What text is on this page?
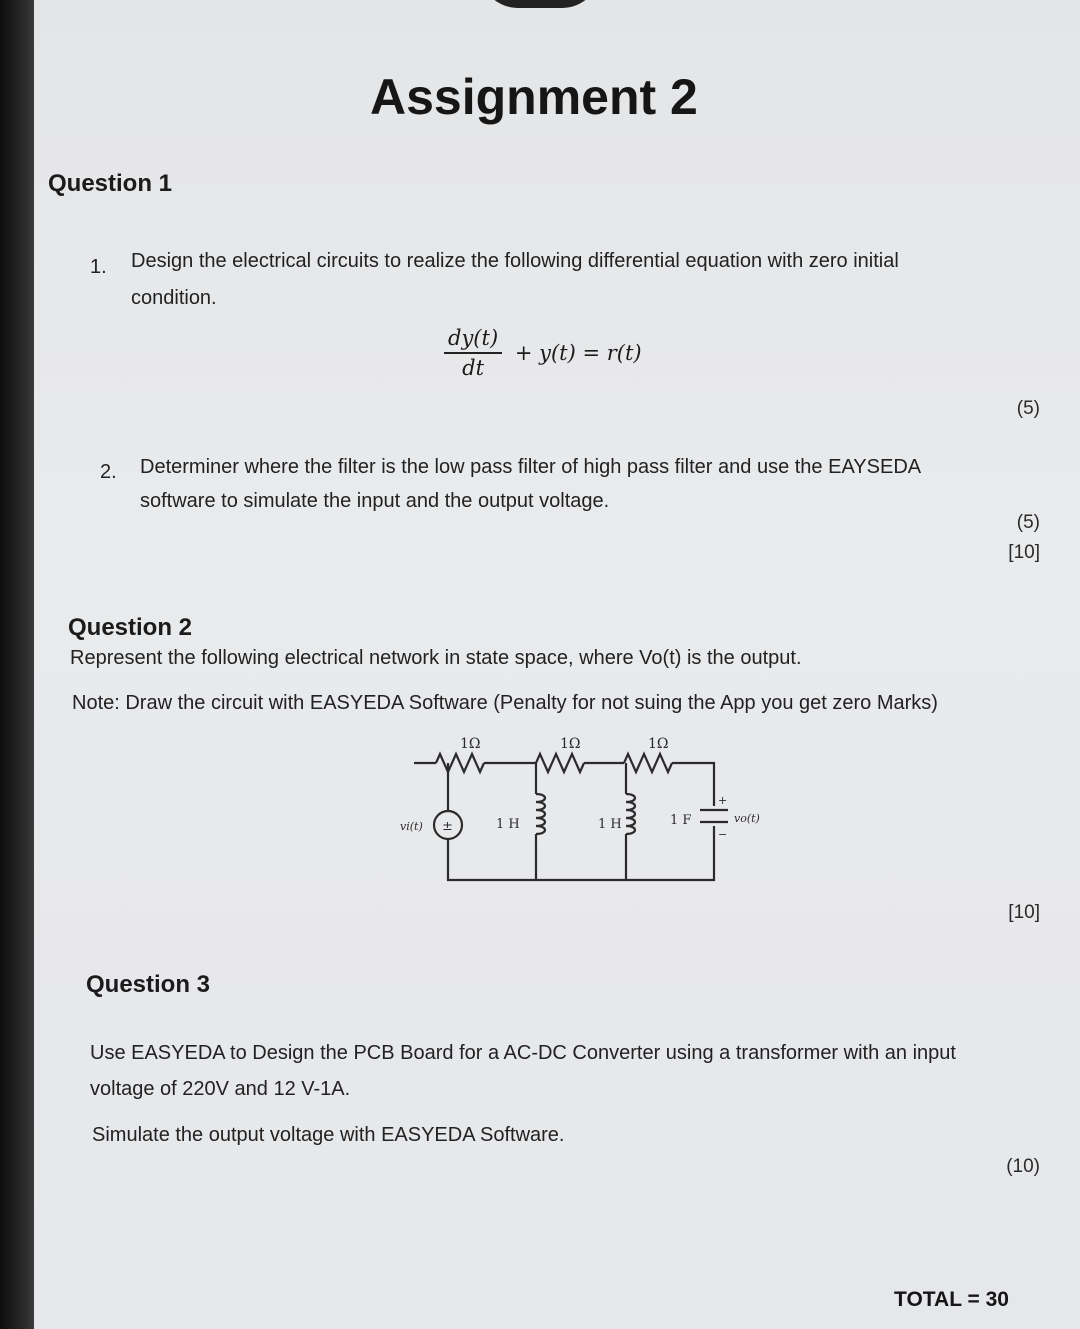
Assignment 2
Question 1
1. Design the electrical circuits to realize the following differential equation with zero initial
condition.
$\frac{dy(t)}{dt} + y(t) = r(t)$
(5)
2. Determiner where the filter is the low pass filter of high pass filter and use the EAYSEDA
software to simulate the input and the output voltage.
(5)
[10]
Question 2
Represent the following electrical network in state space, where Vo(t) is the output.
Note: Draw the circuit with EASYEDA Software (Penalty for not suing the App you get zero Marks)
1Ω	1Ω	1Ω
1 H	1 H	1 F
vi(t)
vo(t)
+
−
±
[10]
Question 3
Use EASYEDA to Design the PCB Board for a AC-DC Converter using a transformer with an input
voltage of 220V and 12 V-1A.
Simulate the output voltage with EASYEDA Software.
(10)
TOTAL = 30
